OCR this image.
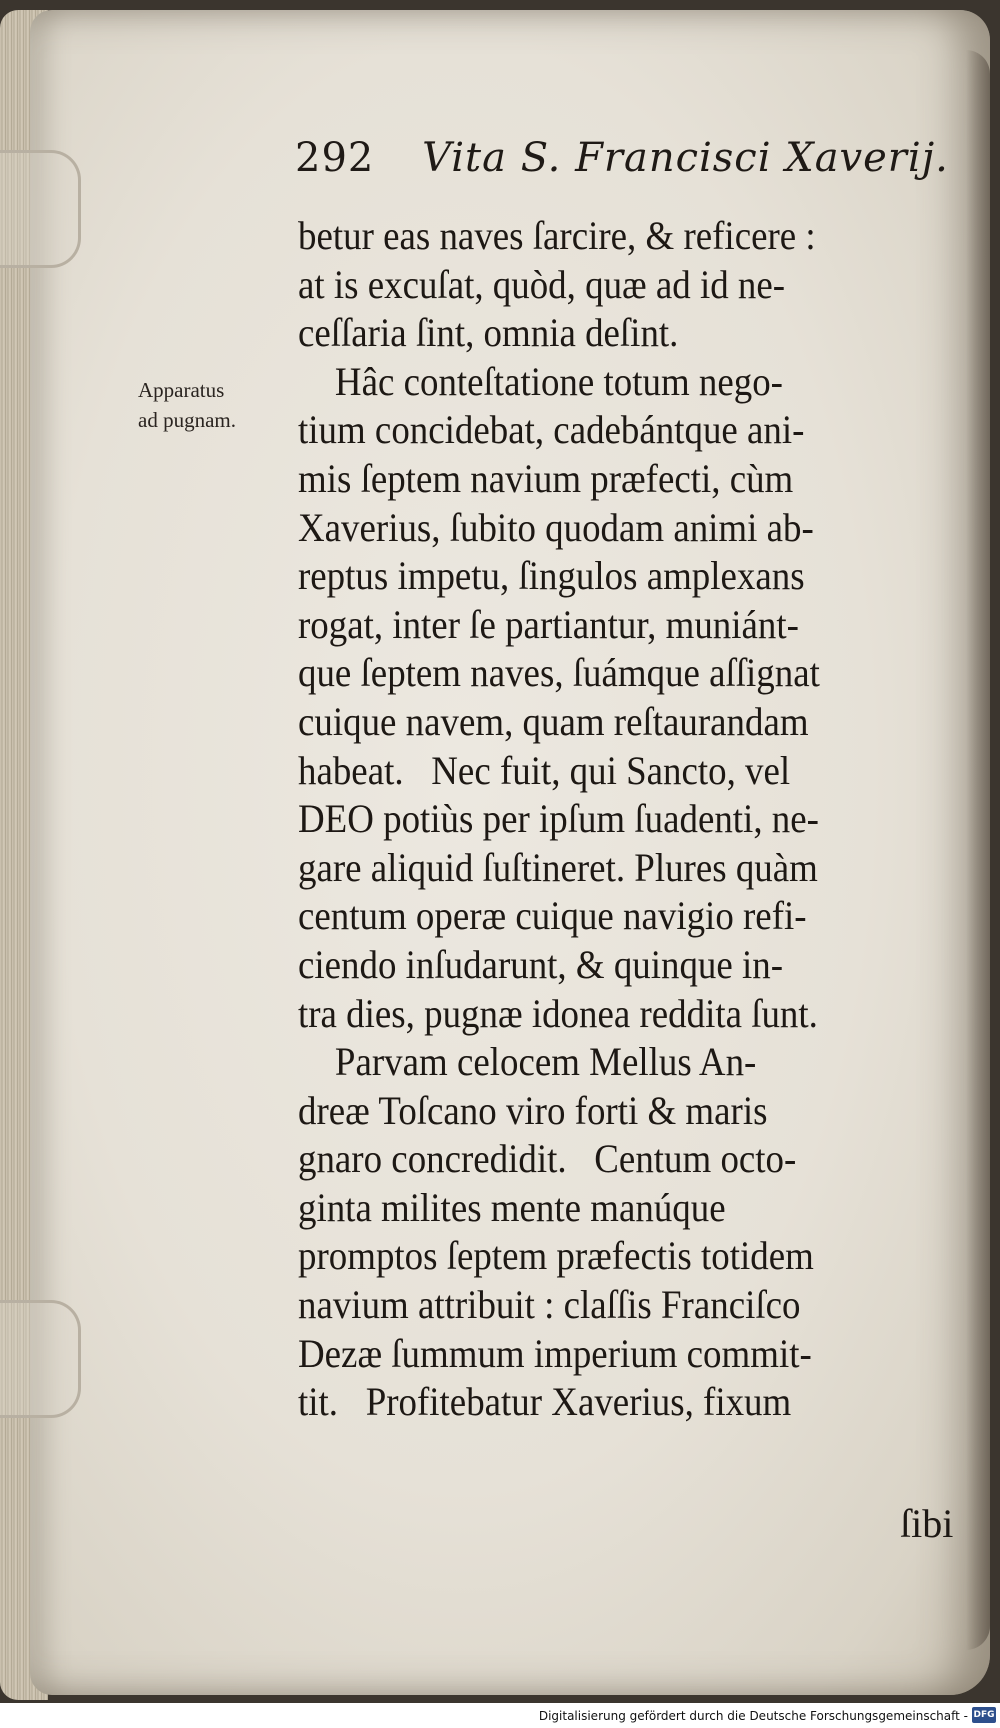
292 Vita S. Francisci Xaverij.
Apparatus
ad pugnam.
betur eas naves ſarcire, & reficere :
at is excuſat, quòd, quæ ad id ne-
ceſſaria ſint, omnia deſint.
Hâc conteſtatione totum nego-
tium concidebat, cadebántque ani-
mis ſeptem navium præfecti, cùm
Xaverius, ſubito quodam animi ab-
reptus impetu, ſingulos amplexans
rogat, inter ſe partiantur, muniánt-
que ſeptem naves, ſuámque aſſignat
cuique navem, quam reſtaurandam
habeat.   Nec fuit, qui Sancto, vel
DEO potiùs per ipſum ſuadenti, ne-
gare aliquid ſuſtineret. Plures quàm
centum operæ cuique navigio refi-
ciendo inſudarunt, & quinque in-
tra dies, pugnæ idonea reddita ſunt.
Parvam celocem Mellus An-
dreæ Toſcano viro forti & maris
gnaro concredidit.   Centum octo-
ginta milites mente manúque
promptos ſeptem præfectis totidem
navium attribuit : claſſis Franciſco
Dezæ ſummum imperium commit-
tit.   Profitebatur Xaverius, fixum
ſibi
Digitalisierung gefördert durch die Deutsche Forschungsgemeinschaft - DFG
